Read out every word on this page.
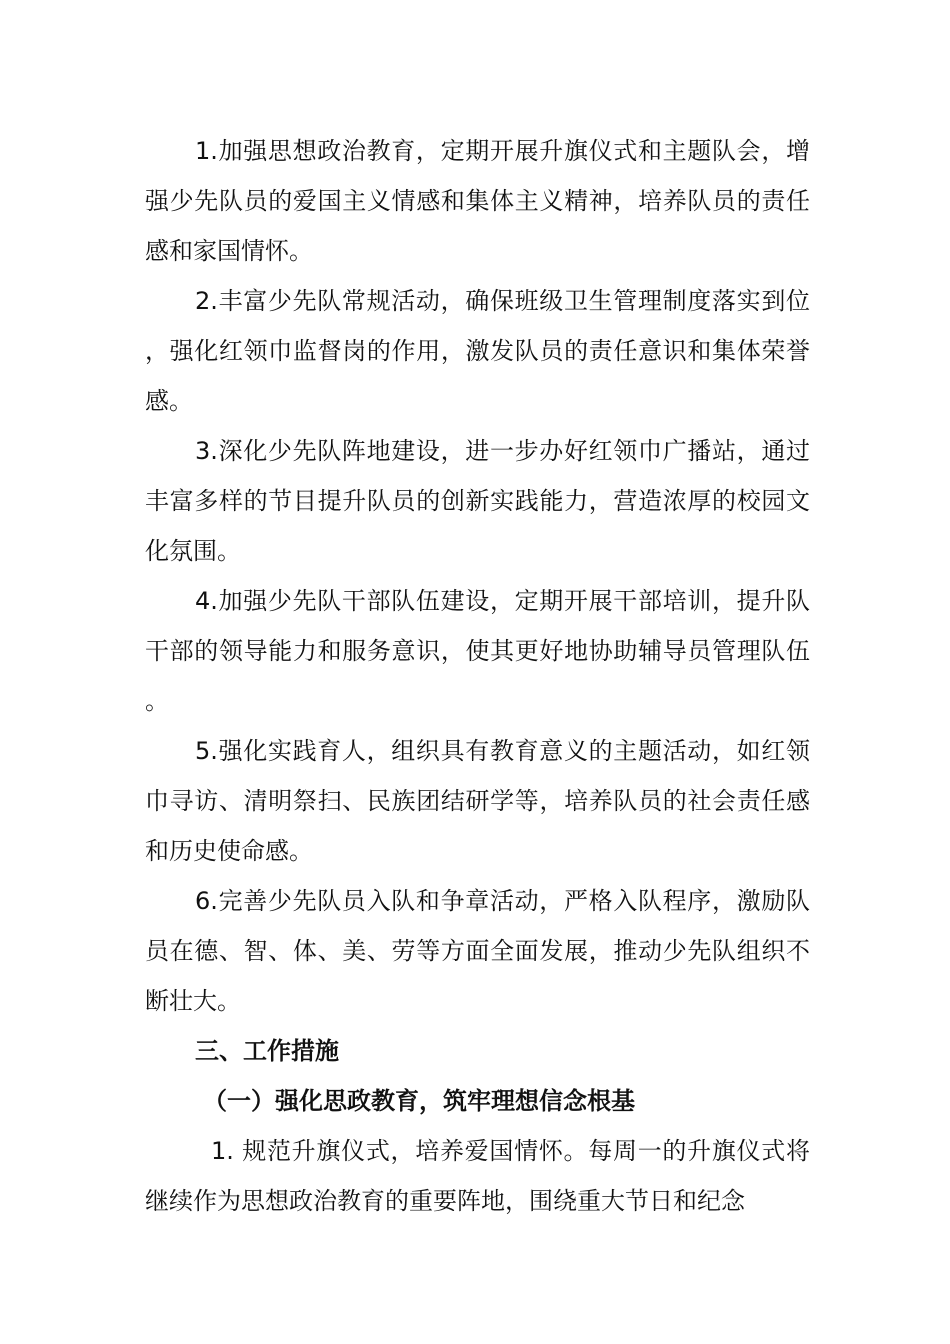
1.加强思想政治教育，定期开展升旗仪式和主题队会，增强少先队员的爱国主义情感和集体主义精神，培养队员的责任感和家国情怀。

2.丰富少先队常规活动，确保班级卫生管理制度落实到位，强化红领巾监督岗的作用，激发队员的责任意识和集体荣誉感。

3.深化少先队阵地建设，进一步办好红领巾广播站，通过丰富多样的节目提升队员的创新实践能力，营造浓厚的校园文化氛围。

4.加强少先队干部队伍建设，定期开展干部培训，提升队干部的领导能力和服务意识，使其更好地协助辅导员管理队伍。

5.强化实践育人，组织具有教育意义的主题活动，如红领巾寻访、清明祭扫、民族团结研学等，培养队员的社会责任感和历史使命感。

6.完善少先队员入队和争章活动，严格入队程序，激励队员在德、智、体、美、劳等方面全面发展，推动少先队组织不断壮大。

三、工作措施

（一）强化思政教育，筑牢理想信念根基

1. 规范升旗仪式，培养爱国情怀。每周一的升旗仪式将继续作为思想政治教育的重要阵地，围绕重大节日和纪念
